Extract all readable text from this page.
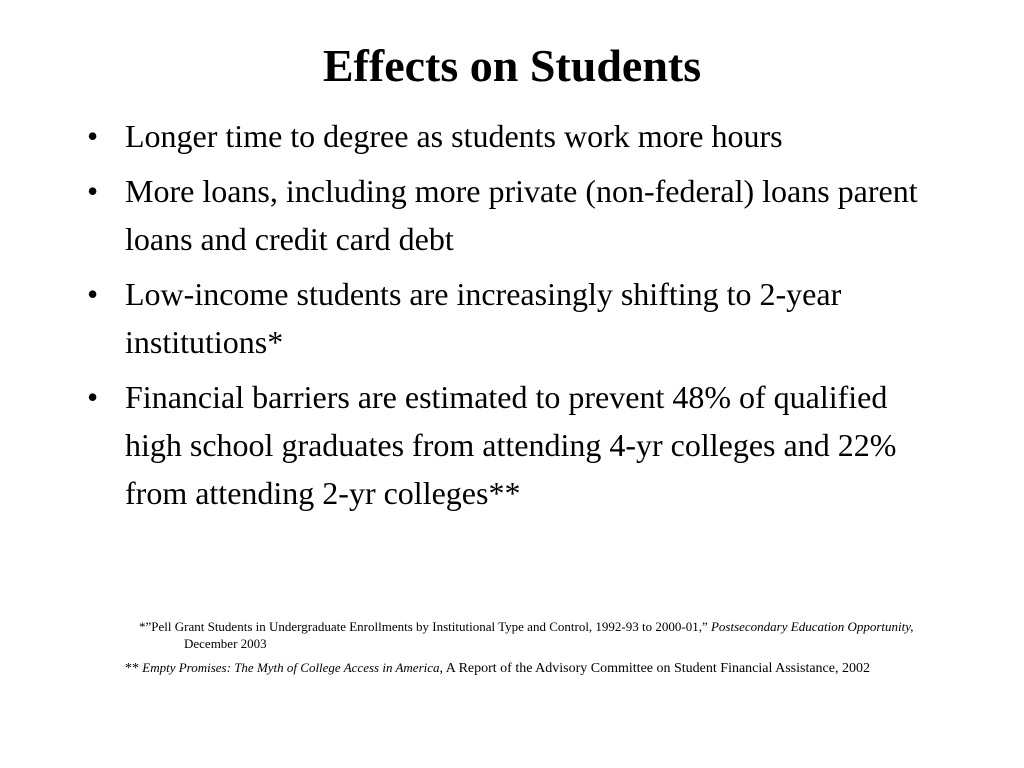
Effects on Students
• Longer time to degree as students work more hours
• More loans, including more private (non-federal) loans parent loans and credit card debt
• Low-income students are increasingly shifting to 2-year institutions*
• Financial barriers are estimated to prevent 48% of qualified high school graduates from attending 4-yr colleges and 22% from attending 2-yr colleges**
*”Pell Grant Students in Undergraduate Enrollments by Institutional Type and Control, 1992-93 to 2000-01,” Postsecondary Education Opportunity,
December 2003
** Empty Promises: The Myth of College Access in America, A Report of the Advisory Committee on Student Financial Assistance, 2002
